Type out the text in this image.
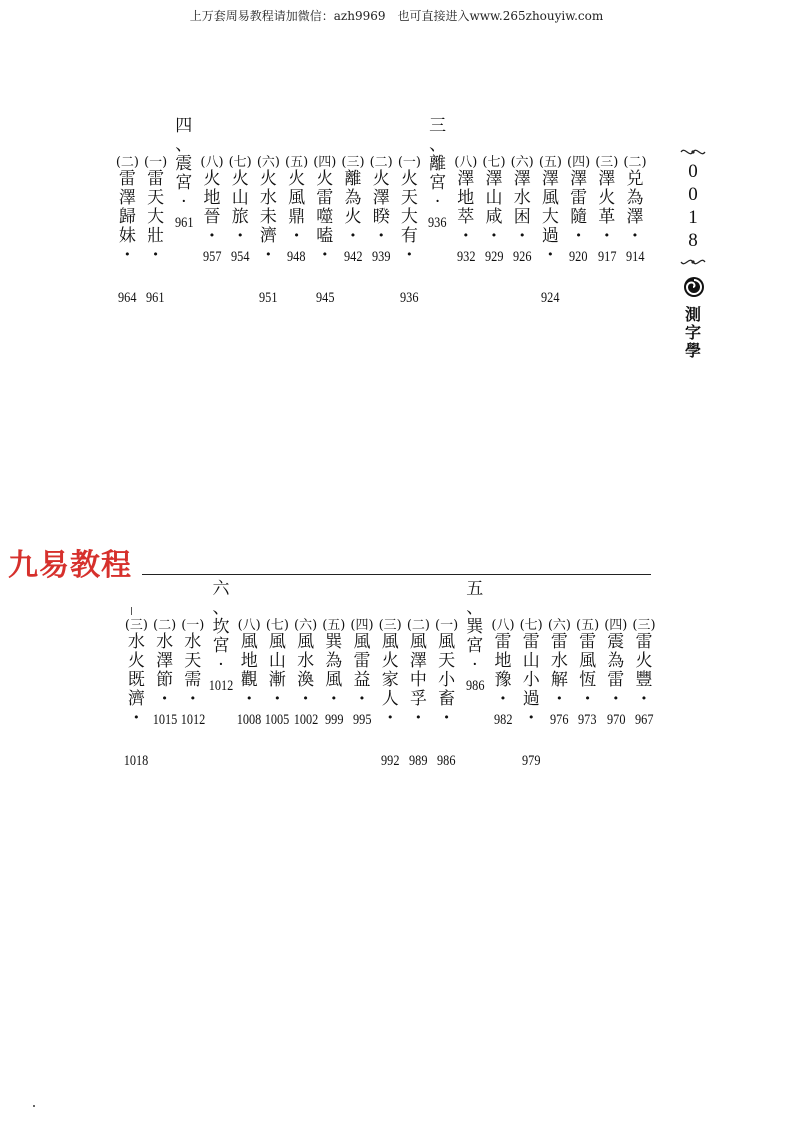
上万套周易教程请加微信：azh9969　也可直接进入www.265zhouyiw.com
0
0
1
8
測字學
九易教程
(二)
兑
為
澤
·
914
(三)
澤
火
革
·
917
(四)
澤
雷
隨
·
920
(五)
澤
風
大
過
·
924
(六)
澤
水
困
·
926
(七)
澤
山
咸
·
929
(八)
澤
地
萃
·
932
三
、
離
宮
·
936
(一)
火
天
大
有
·
936
(二)
火
澤
睽
·
939
(三)
離
為
火
·
942
(四)
火
雷
噬
嗑
·
945
(五)
火
風
鼎
·
948
(六)
火
水
未
濟
·
951
(七)
火
山
旅
·
954
(八)
火
地
晉
·
957
四
、
震
宮
·
961
(一)
雷
天
大
壯
·
961
(二)
雷
澤
歸
妹
·
964
(三)
雷
火
豐
·
967
(四)
震
為
雷
·
970
(五)
雷
風
恆
·
973
(六)
雷
水
解
·
976
(七)
雷
山
小
過
·
979
(八)
雷
地
豫
·
982
五
、
巽
宮
·
986
(一)
風
天
小
畜
·
986
(二)
風
澤
中
孚
·
989
(三)
風
火
家
人
·
992
(四)
風
雷
益
·
995
(五)
巽
為
風
·
999
(六)
風
水
渙
·
1002
(七)
風
山
漸
·
1005
(八)
風
地
觀
·
1008
六
、
坎
宮
·
1012
(一)
水
天
需
·
1012
(二)
水
澤
節
·
1015
(三)
水
火
既
濟
·
1018
